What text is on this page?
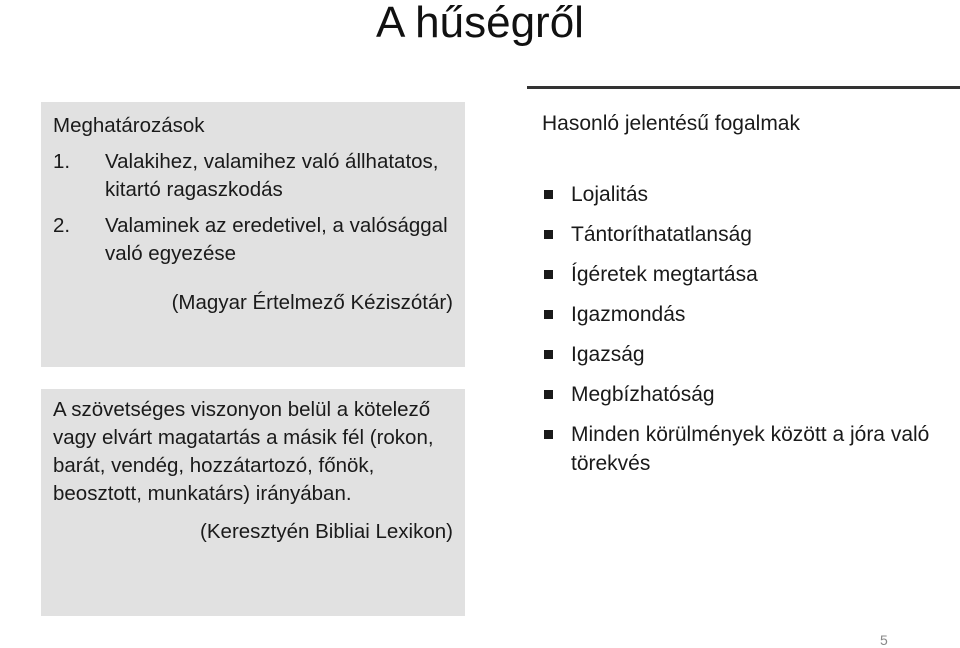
A hűségről

Meghatározások

1. Valakihez, valamihez való állhatatos, kitartó ragaszkodás
2. Valaminek az eredetivel, a valósággal való egyezése

(Magyar Értelmező Kéziszótár)

A szövetséges viszonyon belül a kötelező vagy elvárt magatartás a másik fél (rokon, barát, vendég, hozzátartozó, főnök, beosztott, munkatárs) irányában.

(Keresztyén Bibliai Lexikon)

Hasonló jelentésű fogalmak
Lojalitás
Tántoríthatatlanság
Ígéretek megtartása
Igazmondás
Igazság
Megbízhatóság
Minden körülmények között a jóra való törekvés
5
